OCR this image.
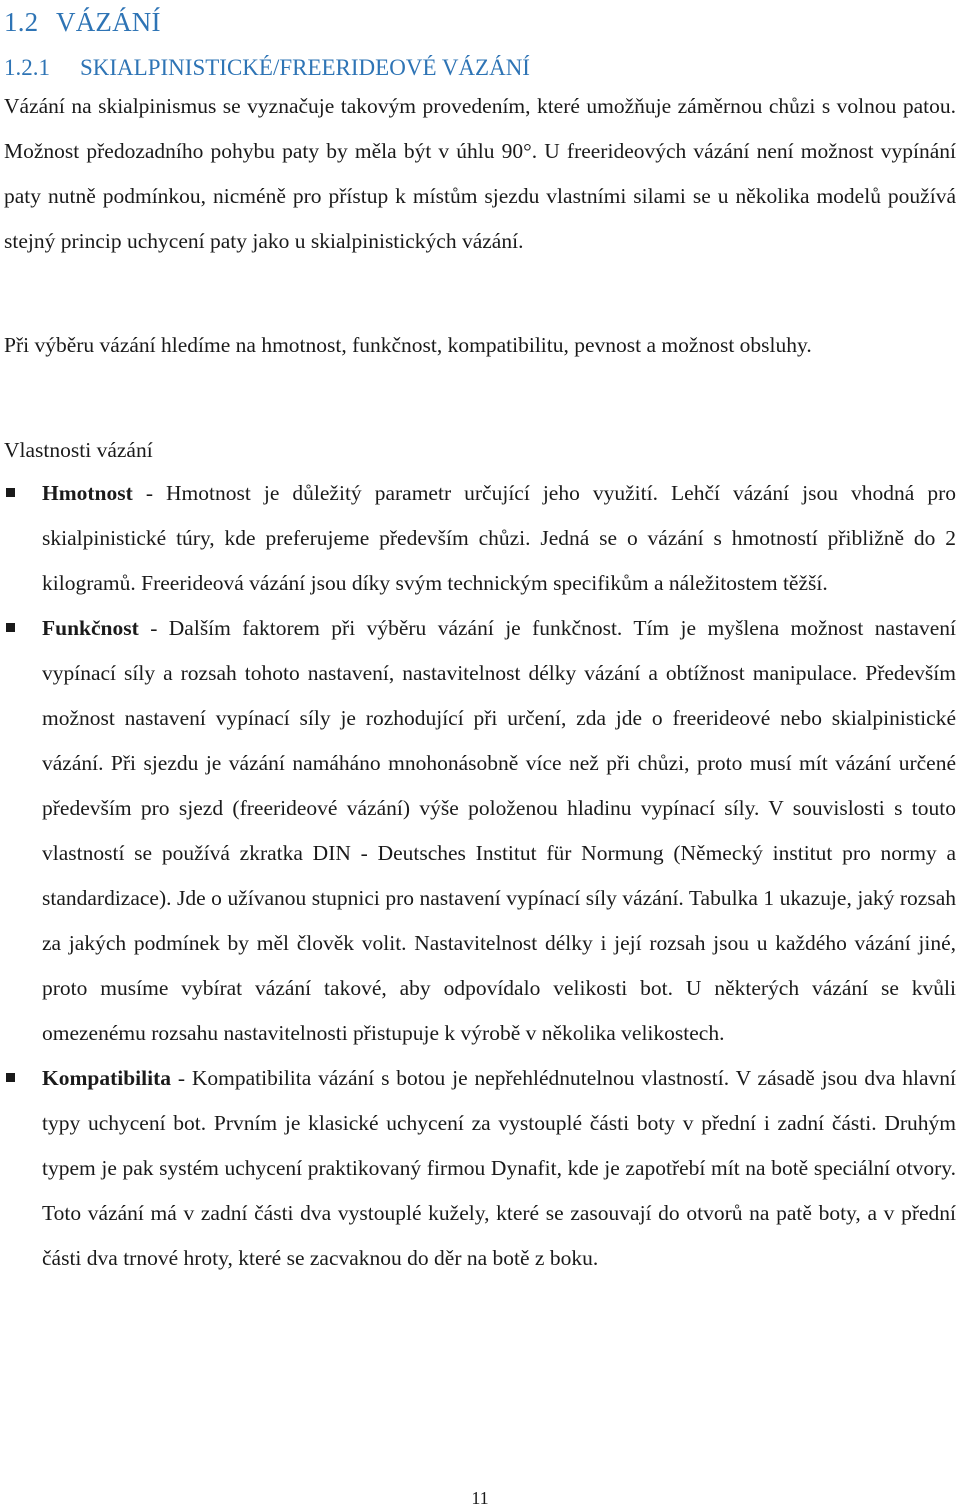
1.2 VÁZÁNÍ
1.2.1 SKIALPINISTICKÉ/FREERIDEOVÉ VÁZÁNÍ

Vázání na skialpinismus se vyznačuje takovým provedením, které umožňuje záměrnou chůzi s volnou patou. Možnost předozadního pohybu paty by měla být v úhlu 90°. U freerideových vázání není možnost vypínání paty nutně podmínkou, nicméně pro přístup k místům sjezdu vlastními silami se u několika modelů používá stejný princip uchycení paty jako u skialpinistických vázání.

Při výběru vázání hledíme na hmotnost, funkčnost, kompatibilitu, pevnost a možnost obsluhy.

Vlastnosti vázání

Hmotnost - Hmotnost je důležitý parametr určující jeho využití. Lehčí vázání jsou vhodná pro skialpinistické túry, kde preferujeme především chůzi. Jedná se o vázání s hmotností přibližně do 2 kilogramů. Freerideová vázání jsou díky svým technickým specifikům a náležitostem těžší.
Funkčnost - Dalším faktorem při výběru vázání je funkčnost. Tím je myšlena možnost nastavení vypínací síly a rozsah tohoto nastavení, nastavitelnost délky vázání a obtížnost manipulace. Především možnost nastavení vypínací síly je rozhodující při určení, zda jde o freerideové nebo skialpinistické vázání. Při sjezdu je vázání namáháno mnohonásobně více než při chůzi, proto musí mít vázání určené především pro sjezd (freerideové vázání) výše položenou hladinu vypínací síly. V souvislosti s touto vlastností se používá zkratka DIN - Deutsches Institut für Normung (Německý institut pro normy a standardizace). Jde o užívanou stupnici pro nastavení vypínací síly vázání. Tabulka 1 ukazuje, jaký rozsah za jakých podmínek by měl člověk volit. Nastavitelnost délky i její rozsah jsou u každého vázání jiné, proto musíme vybírat vázání takové, aby odpovídalo velikosti bot. U některých vázání se kvůli omezenému rozsahu nastavitelnosti přistupuje k výrobě v několika velikostech.
Kompatibilita - Kompatibilita vázání s botou je nepřehlédnutelnou vlastností. V zásadě jsou dva hlavní typy uchycení bot. Prvním je klasické uchycení za vystouplé části boty v přední i zadní části. Druhým typem je pak systém uchycení praktikovaný firmou Dynafit, kde je zapotřebí mít na botě speciální otvory. Toto vázání má v zadní části dva vystouplé kužely, které se zasouvají do otvorů na patě boty, a v přední části dva trnové hroty, které se zacvaknou do děr na botě z boku.
11
